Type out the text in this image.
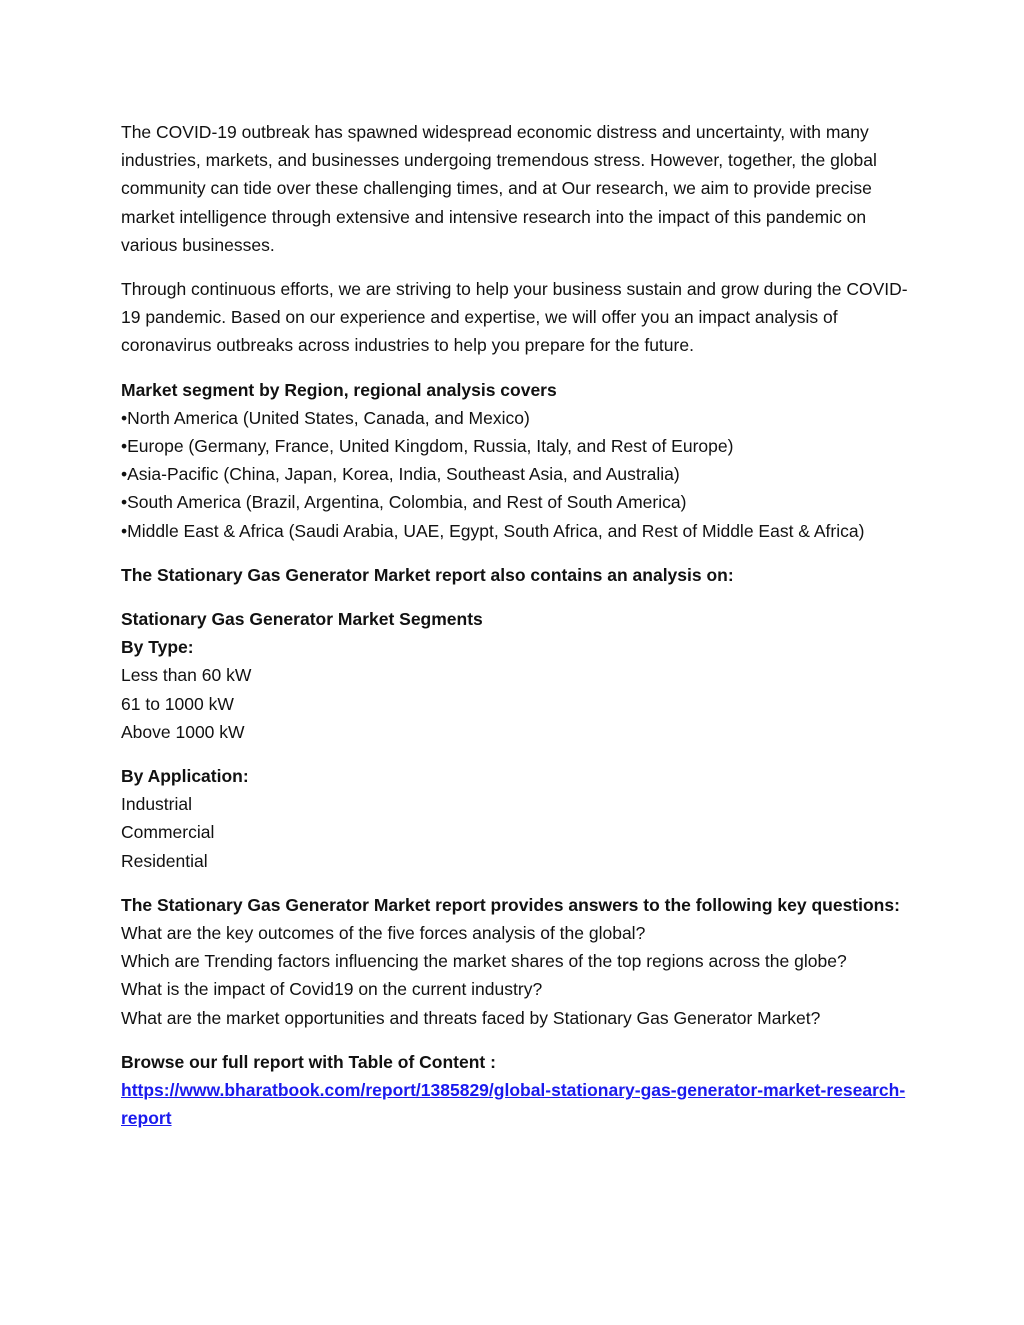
The COVID-19 outbreak has spawned widespread economic distress and uncertainty, with many industries, markets, and businesses undergoing tremendous stress. However, together, the global community can tide over these challenging times, and at Our research, we aim to provide precise market intelligence through extensive and intensive research into the impact of this pandemic on various businesses.

Through continuous efforts, we are striving to help your business sustain and grow during the COVID-19 pandemic. Based on our experience and expertise, we will offer you an impact analysis of coronavirus outbreaks across industries to help you prepare for the future.

Market segment by Region, regional analysis covers
•North America (United States, Canada, and Mexico)
•Europe (Germany, France, United Kingdom, Russia, Italy, and Rest of Europe)
•Asia-Pacific (China, Japan, Korea, India, Southeast Asia, and Australia)
•South America (Brazil, Argentina, Colombia, and Rest of South America)
•Middle East & Africa (Saudi Arabia, UAE, Egypt, South Africa, and Rest of Middle East & Africa)

The Stationary Gas Generator Market report also contains an analysis on:

Stationary Gas Generator Market Segments
By Type:
Less than 60 kW
61 to 1000 kW
Above 1000 kW
By Application:
Industrial
Commercial
Residential
The Stationary Gas Generator Market report provides answers to the following key questions:
What are the key outcomes of the five forces analysis of the global?
Which are Trending factors influencing the market shares of the top regions across the globe?
What is the impact of Covid19 on the current industry?
What are the market opportunities and threats faced by Stationary Gas Generator Market?
Browse our full report with Table of Content :
https://www.bharatbook.com/report/1385829/global-stationary-gas-generator-market-research-report
